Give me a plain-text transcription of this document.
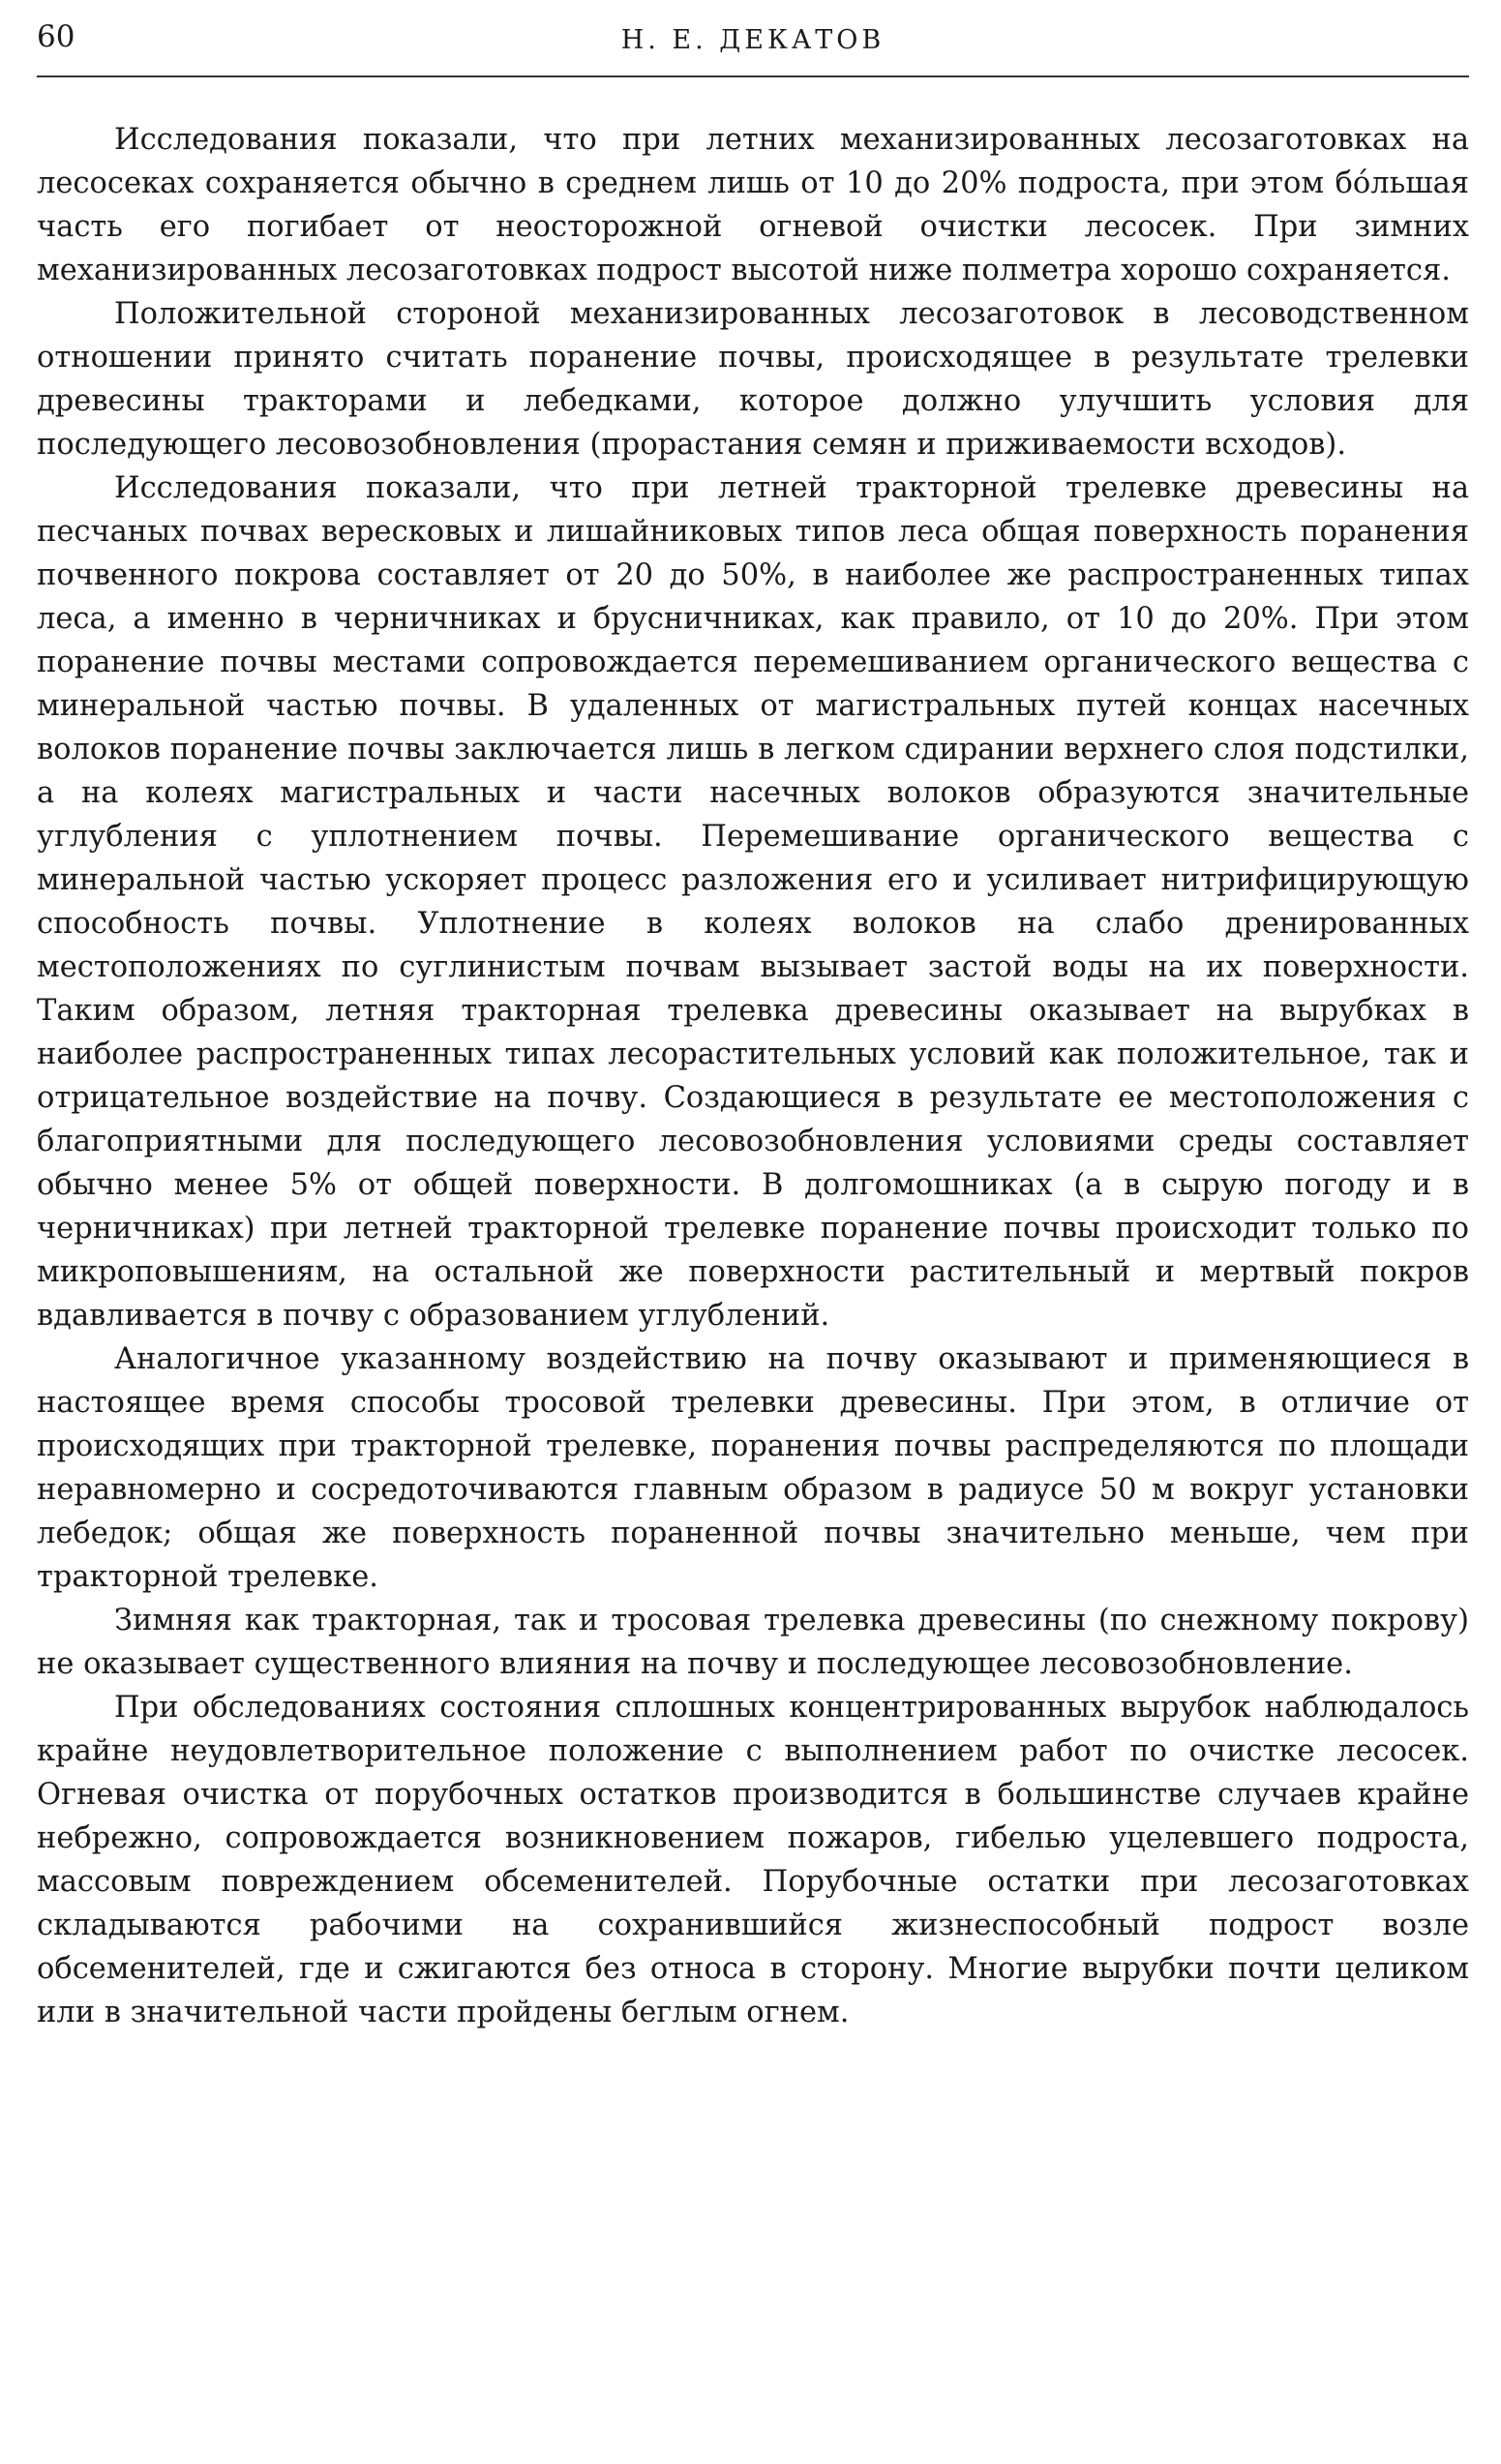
60	Н. Е. ДЕКАТОВ

Исследования показали, что при летних механизированных лесозаготовках на лесосеках сохраняется обычно в среднем лишь от 10 до 20% подроста, при этом бóльшая часть его погибает от неосторожной огневой очистки лесосек. При зимних механизированных лесозаготовках подрост высотой ниже полметра хорошо сохраняется.

Положительной стороной механизированных лесозаготовок в лесоводственном отношении принято считать поранение почвы, происходящее в результате трелевки древесины тракторами и лебедками, которое должно улучшить условия для последующего лесовозобновления (прорастания семян и приживаемости всходов).

Исследования показали, что при летней тракторной трелевке древесины на песчаных почвах вересковых и лишайниковых типов леса общая поверхность поранения почвенного покрова составляет от 20 до 50%, в наиболее же распространенных типах леса, а именно в черничниках и брусничниках, как правило, от 10 до 20%. При этом поранение почвы местами сопровождается перемешиванием органического вещества с минеральной частью почвы. В удаленных от магистральных путей концах насечных волоков поранение почвы заключается лишь в легком сдирании верхнего слоя подстилки, а на колеях магистральных и части насечных волоков образуются значительные углубления с уплотнением почвы. Перемешивание органического вещества с минеральной частью ускоряет процесс разложения его и усиливает нитрифицирующую способность почвы. Уплотнение в колеях волоков на слабо дренированных местоположениях по суглинистым почвам вызывает застой воды на их поверхности. Таким образом, летняя тракторная трелевка древесины оказывает на вырубках в наиболее распространенных типах лесорастительных условий как положительное, так и отрицательное воздействие на почву. Создающиеся в результате ее местоположения с благоприятными для последующего лесовозобновления условиями среды составляет обычно менее 5% от общей поверхности. В долгомошниках (а в сырую погоду и в черничниках) при летней тракторной трелевке поранение почвы происходит только по микроповышениям, на остальной же поверхности растительный и мертвый покров вдавливается в почву с образованием углублений.

Аналогичное указанному воздействию на почву оказывают и применяющиеся в настоящее время способы тросовой трелевки древесины. При этом, в отличие от происходящих при тракторной трелевке, поранения почвы распределяются по площади неравномерно и сосредоточиваются главным образом в радиусе 50 м вокруг установки лебедок; общая же поверхность пораненной почвы значительно меньше, чем при тракторной трелевке.

Зимняя как тракторная, так и тросовая трелевка древесины (по снежному покрову) не оказывает существенного влияния на почву и последующее лесовозобновление.

При обследованиях состояния сплошных концентрированных вырубок наблюдалось крайне неудовлетворительное положение с выполнением работ по очистке лесосек. Огневая очистка от порубочных остатков производится в большинстве случаев крайне небрежно, сопровождается возникновением пожаров, гибелью уцелевшего подроста, массовым повреждением обсеменителей. Порубочные остатки при лесозаготовках складываются рабочими на сохранившийся жизнеспособный подрост возле обсеменителей, где и сжигаются без относа в сторону. Многие вырубки почти целиком или в значительной части пройдены беглым огнем.
